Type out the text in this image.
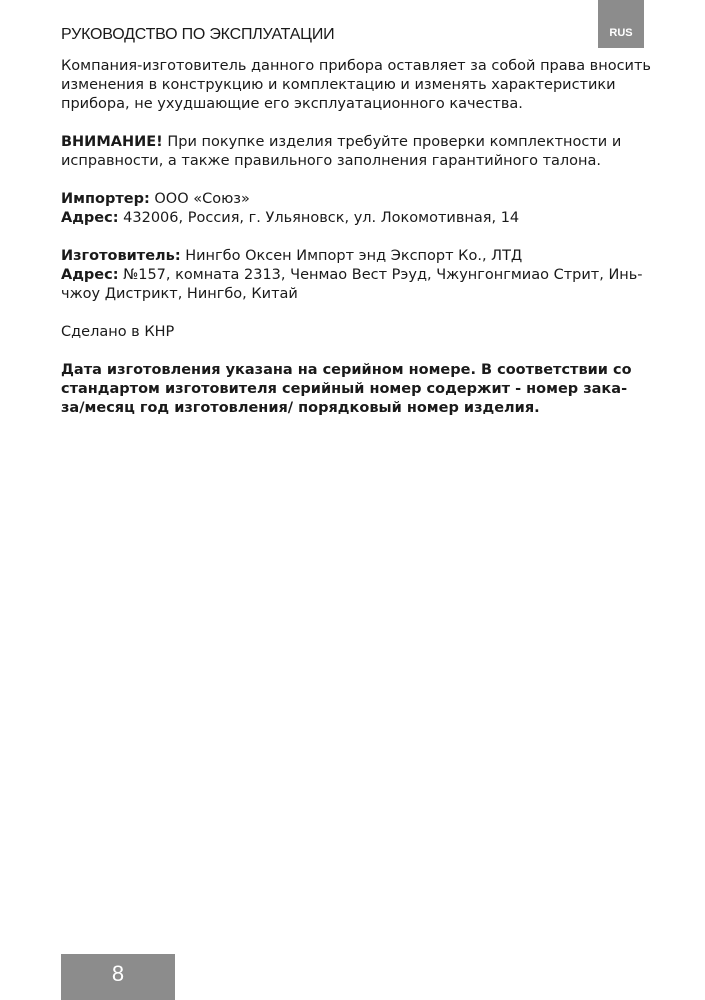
РУКОВОДСТВО ПО ЭКСПЛУАТАЦИИ	RUS

Компания-изготовитель данного прибора оставляет за собой права вносить изменения в конструкцию и комплектацию и изменять характеристики прибора, не ухудшающие его эксплуатационного качества.

ВНИМАНИЕ! При покупке изделия требуйте проверки комплектности и исправности, а также правильного заполнения гарантийного талона.

Импортер: ООО «Союз»
Адрес: 432006, Россия, г. Ульяновск, ул. Локомотивная, 14

Изготовитель: Нингбо Оксен Импорт энд Экспорт Ко., ЛТД
Адрес: №157, комната 2313, Ченмао Вест Рэуд, Чжунгонгмиао Стрит, Инь-
чжоу Дистрикт, Нингбо, Китай

Сделано в КНР

Дата изготовления указана на серийном номере. В соответствии со
стандартом изготовителя серийный номер содержит - номер зака-
за/месяц год изготовления/ порядковый номер изделия.

8
